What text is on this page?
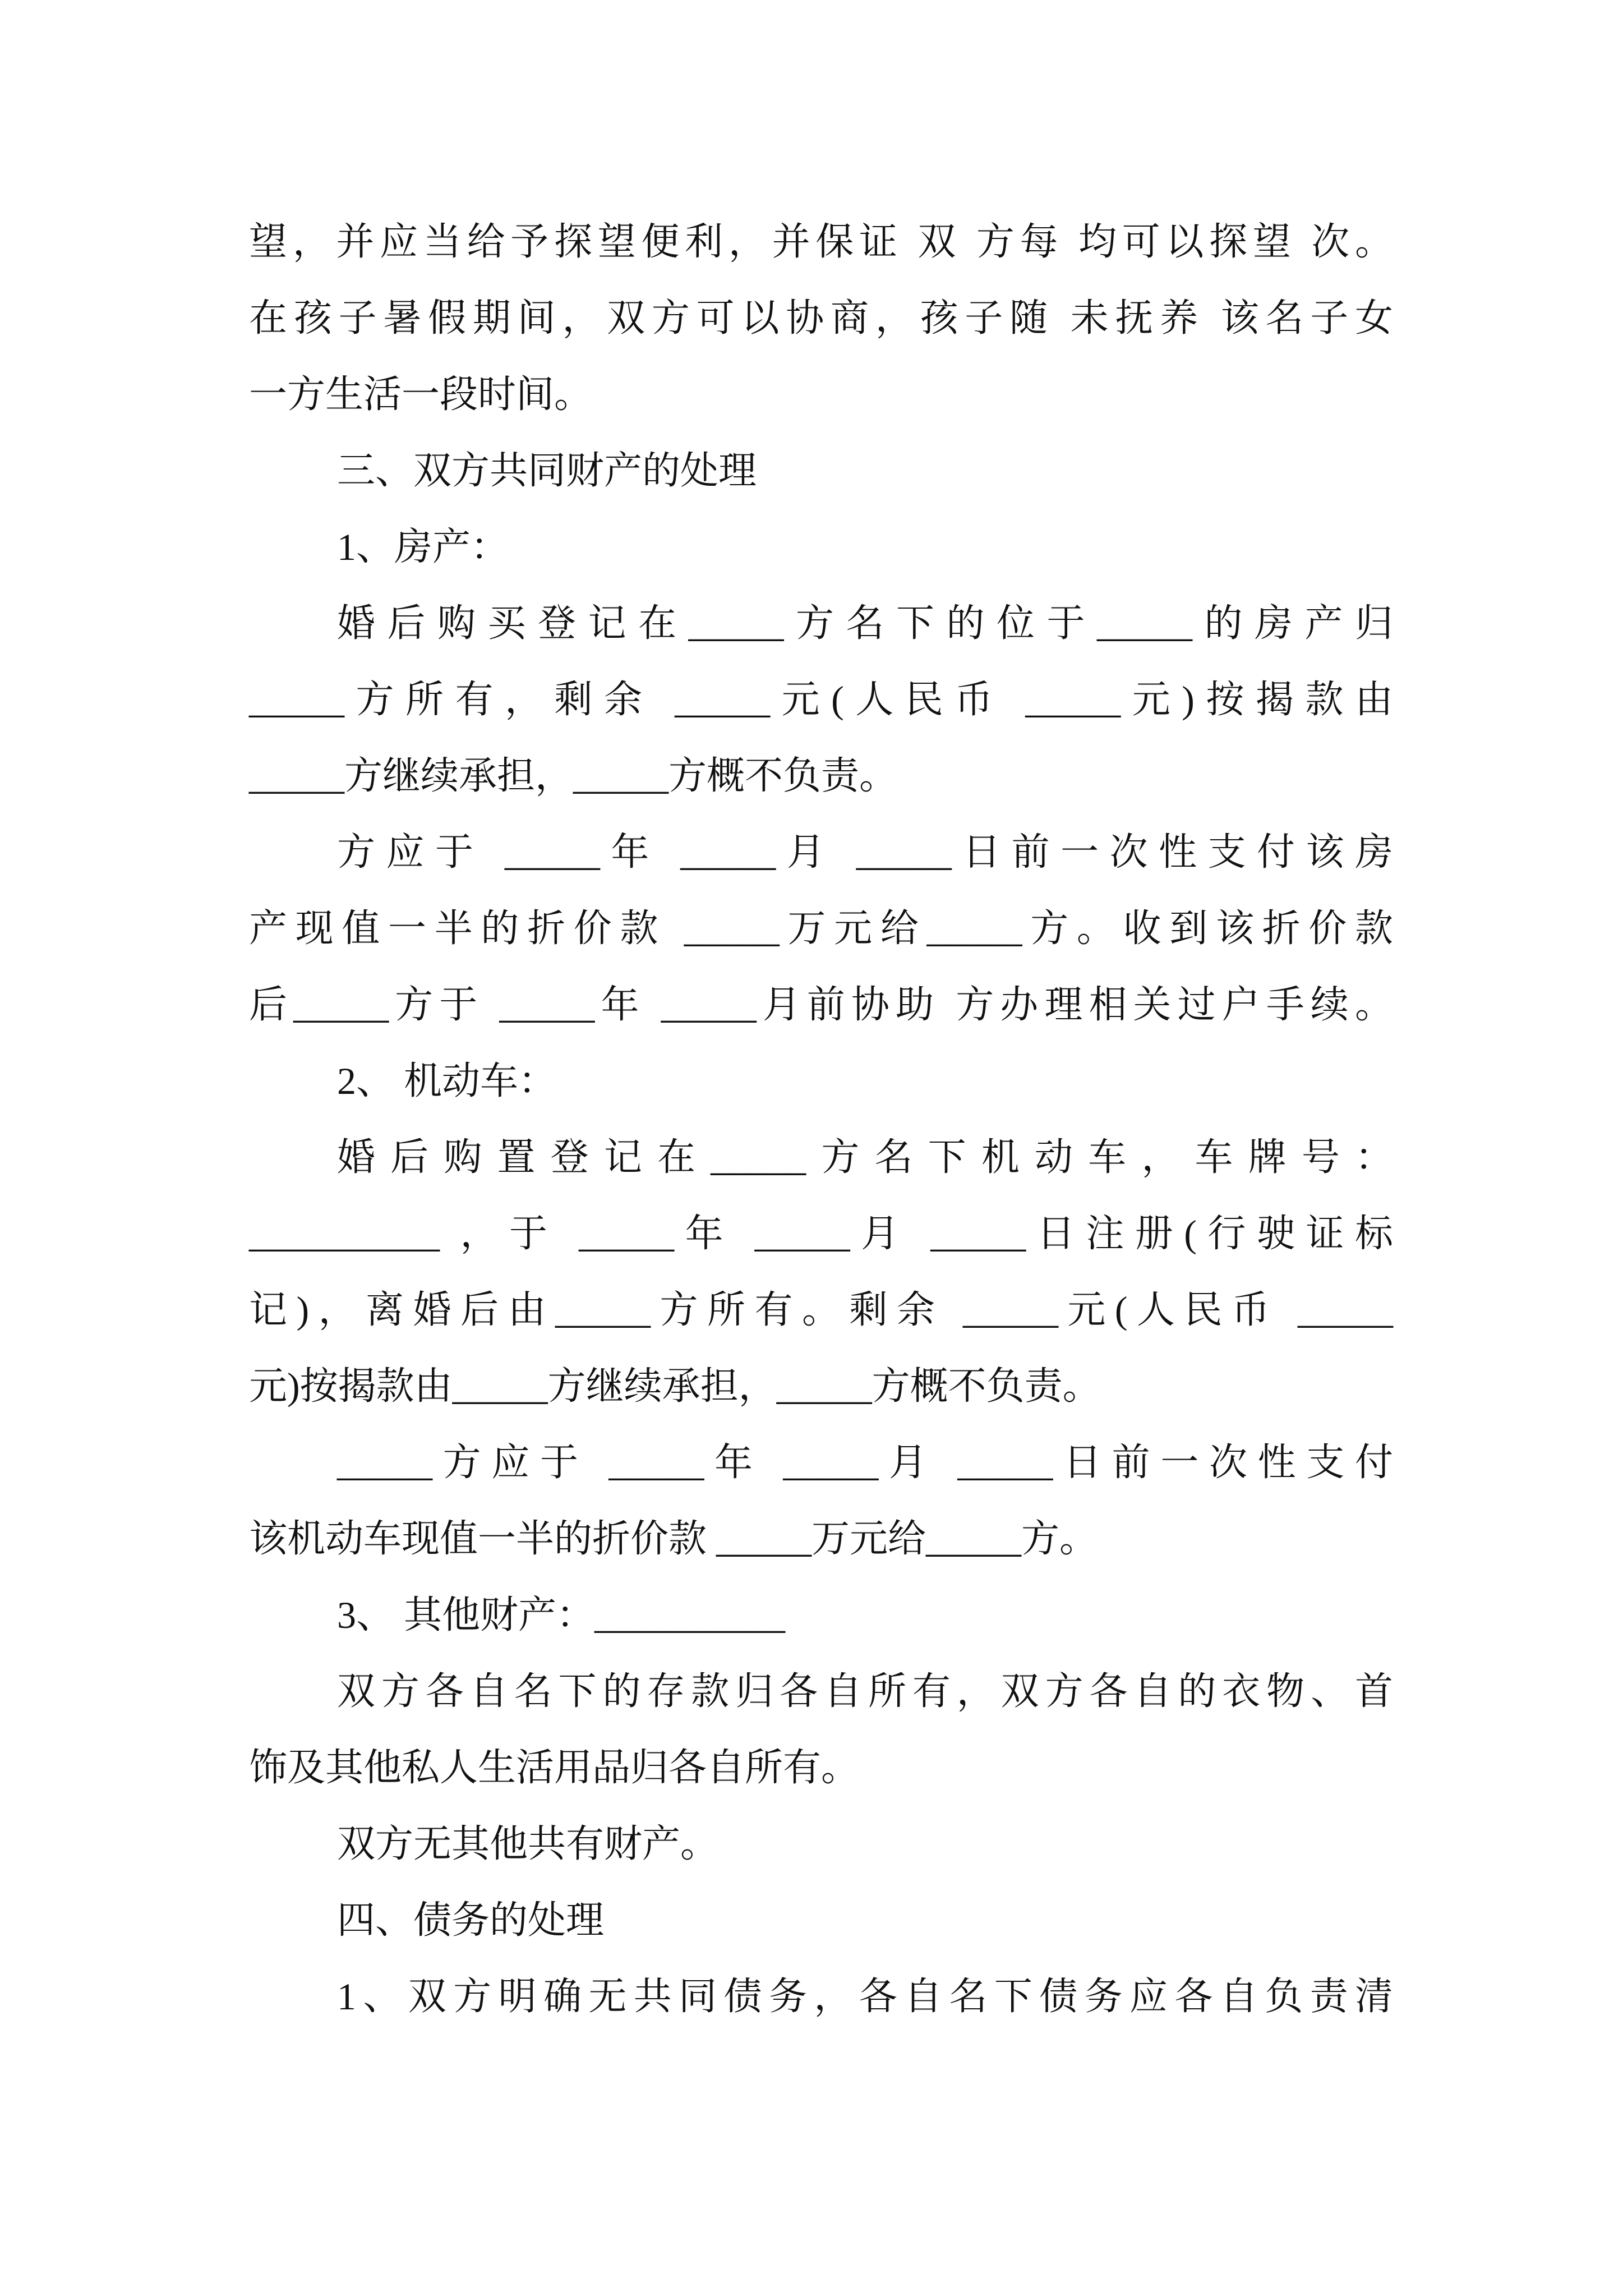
望，并应当给予探望便利，并保证 双 方每 均可以探望 次。
在孩子暑假期间，双方可以协商，孩子随 未抚养 该名子女
一方生活一段时间。
三、双方共同财产的处理
1、房产：
婚后购买登记在_____方名下的位于_____的房产归
_____方所有，剩余 _____元(人民币 _____元)按揭款由
_____方继续承担，_____方概不负责。
方应于 _____年 _____月 _____日前一次性支付该房
产现值一半的折价款 _____万元给_____方。收到该折价款
后_____方于 _____年 _____月前协助 方办理相关过户手续。
2、 机动车：
婚后购置登记在_____方名下机动车，车牌号：
__________ ，于 _____年 _____月 _____日注册(行驶证标
记)，离婚后由_____方所有。剩余 _____元(人民币 _____
元)按揭款由_____方继续承担，_____方概不负责。
_____方应于 _____年 _____月 _____日前一次性支付
该机动车现值一半的折价款 _____万元给_____方。
3、 其他财产：__________
双方各自名下的存款归各自所有，双方各自的衣物、首
饰及其他私人生活用品归各自所有。
双方无其他共有财产。
四、债务的处理
1、双方明确无共同债务，各自名下债务应各自负责清
